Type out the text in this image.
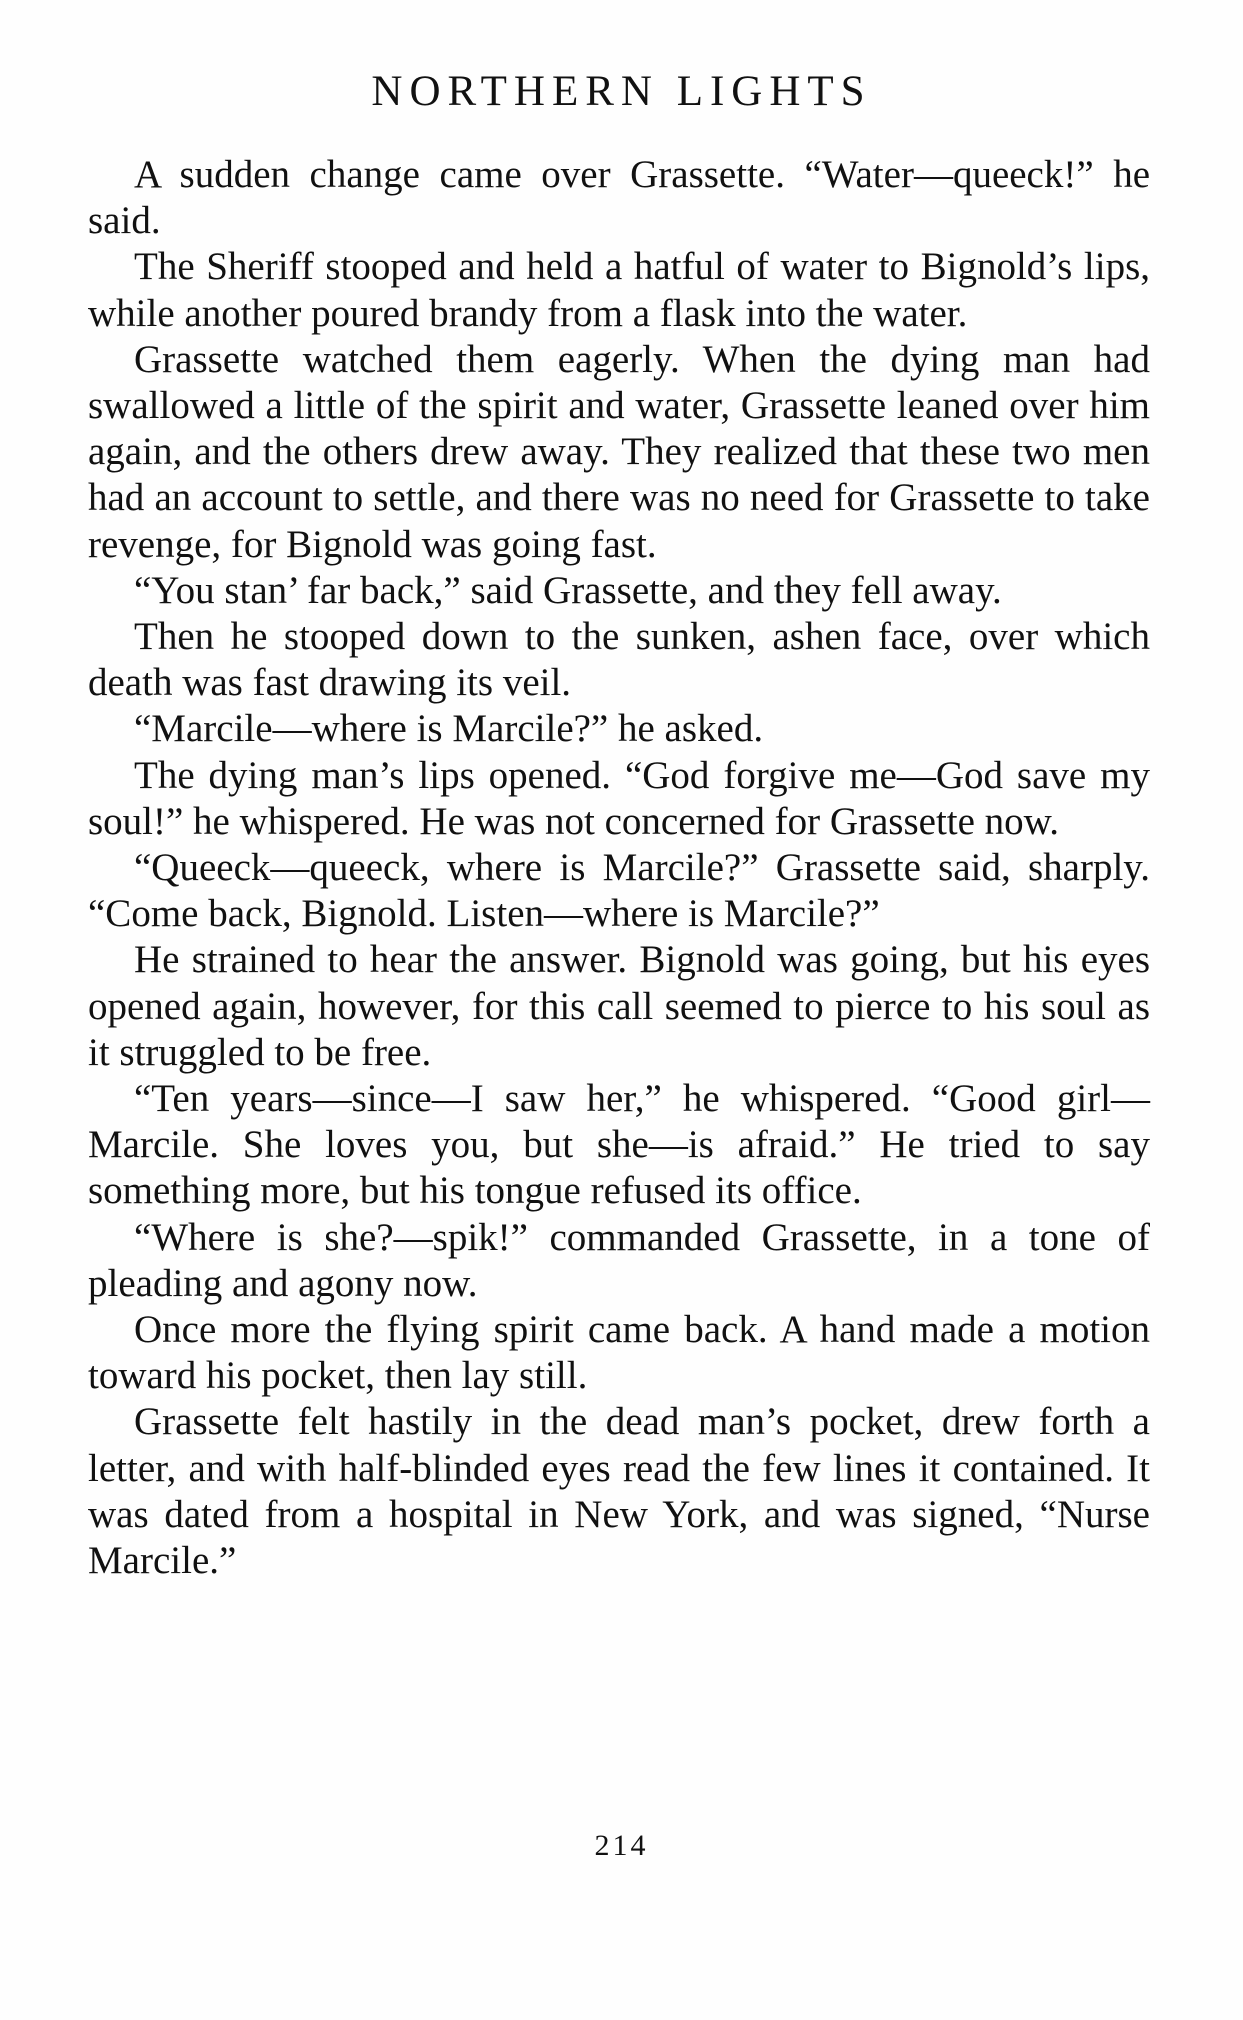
NORTHERN LIGHTS

A sudden change came over Grassette. “Water—queeck!” he said.

The Sheriff stooped and held a hatful of water to Bignold’s lips, while another poured brandy from a flask into the water.

Grassette watched them eagerly. When the dying man had swallowed a little of the spirit and water, Grassette leaned over him again, and the others drew away. They realized that these two men had an account to settle, and there was no need for Grassette to take revenge, for Bignold was going fast.

“You stan’ far back,” said Grassette, and they fell away.

Then he stooped down to the sunken, ashen face, over which death was fast drawing its veil.

“Marcile—where is Marcile?” he asked.

The dying man’s lips opened. “God forgive me—God save my soul!” he whispered. He was not concerned for Grassette now.

“Queeck—queeck, where is Marcile?” Grassette said, sharply. “Come back, Bignold. Listen—where is Marcile?”

He strained to hear the answer. Bignold was going, but his eyes opened again, however, for this call seemed to pierce to his soul as it struggled to be free.

“Ten years—since—I saw her,” he whispered. “Good girl—Marcile. She loves you, but she—is afraid.” He tried to say something more, but his tongue refused its office.

“Where is she?—spik!” commanded Grassette, in a tone of pleading and agony now.

Once more the flying spirit came back. A hand made a motion toward his pocket, then lay still.

Grassette felt hastily in the dead man’s pocket, drew forth a letter, and with half-blinded eyes read the few lines it contained. It was dated from a hospital in New York, and was signed, “Nurse Marcile.”

214
